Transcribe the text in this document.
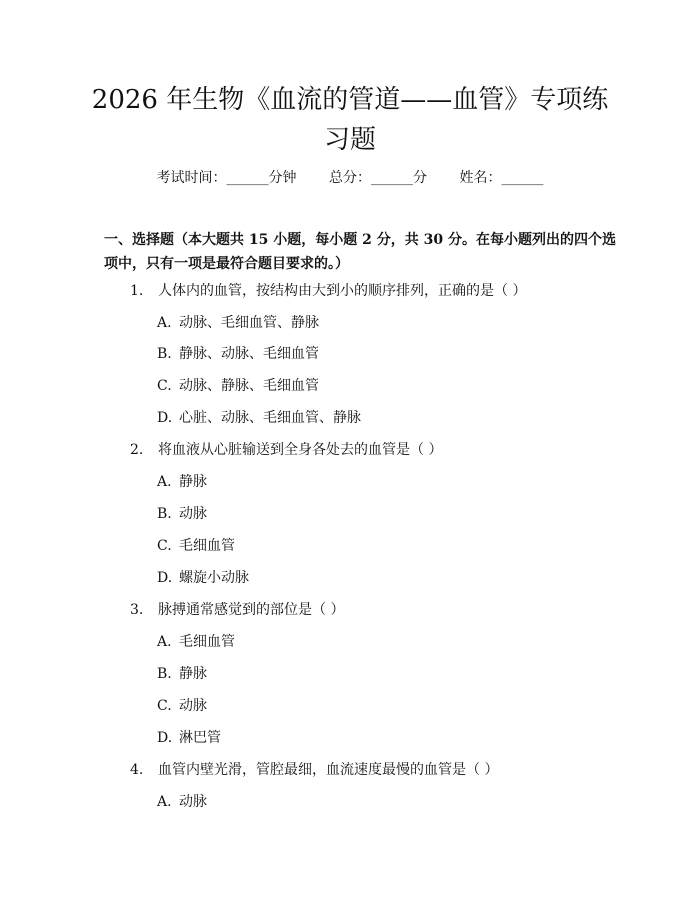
2026 年生物《血流的管道——血管》专项练
习题
考试时间：______分钟 总分：______分 姓名：______
一、选择题（本大题共 15 小题，每小题 2 分，共 30 分。在每小题列出的四个选项中，只有一项是最符合题目要求的。）
1. 人体内的血管，按结构由大到小的顺序排列，正确的是（ ）
A. 动脉、毛细血管、静脉
B. 静脉、动脉、毛细血管
C. 动脉、静脉、毛细血管
D. 心脏、动脉、毛细血管、静脉
2. 将血液从心脏输送到全身各处去的血管是（ ）
A. 静脉
B. 动脉
C. 毛细血管
D. 螺旋小动脉
3. 脉搏通常感觉到的部位是（ ）
A. 毛细血管
B. 静脉
C. 动脉
D. 淋巴管
4. 血管内壁光滑，管腔最细，血流速度最慢的血管是（ ）
A. 动脉
